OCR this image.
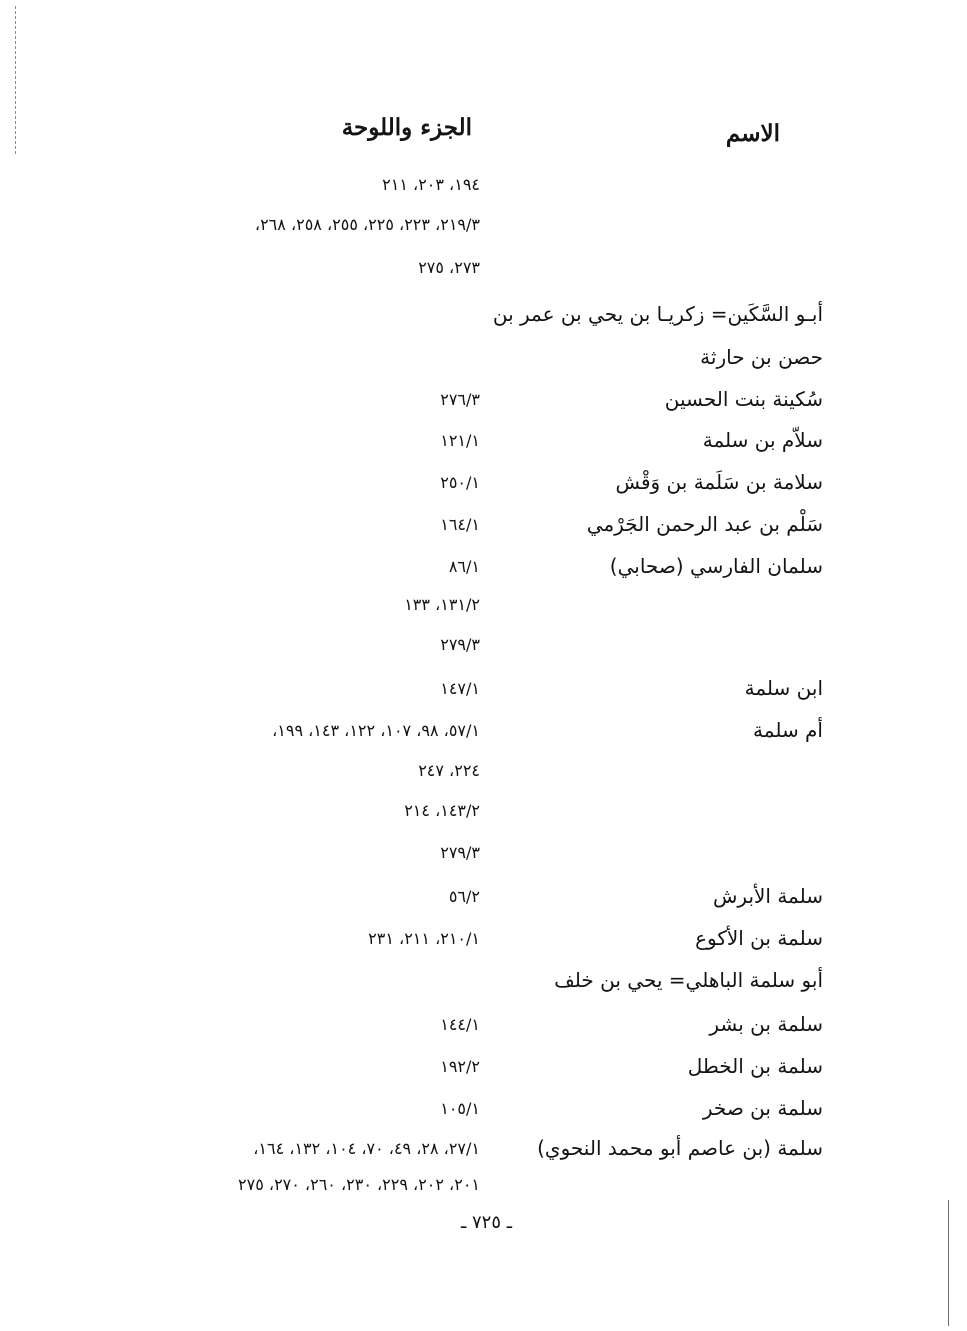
الاسم
الجزء واللوحة
١٩٤، ٢٠٣، ٢١١
٢١٩/٣، ٢٢٣، ٢٢٥، ٢٥٥، ٢٥٨، ٢٦٨،
٢٧٣، ٢٧٥
أبـو السَّكَين= زكريـا بن يحي بن عمر بن
حصن بن حارثة
سُكينة بنت الحسين
٢٧٦/٣
سلاّم بن سلمة
١٢١/١
سلامة بن سَلَمة بن وَقْش
٢٥٠/١
سَلْم بن عبد الرحمن الجَرْمي
١٦٤/١
سلمان الفارسي (صحابي)
٨٦/١
١٣١/٢، ١٣٣
٢٧٩/٣
ابن سلمة
١٤٧/١
أم سلمة
٥٧/١، ٩٨، ١٠٧، ١٢٢، ١٤٣، ١٩٩،
٢٢٤، ٢٤٧
١٤٣/٢، ٢١٤
٢٧٩/٣
سلمة الأبرش
٥٦/٢
سلمة بن الأكوع
٢١٠/١، ٢١١، ٢٣١
أبو سلمة الباهلي= يحي بن خلف
سلمة بن بشر
١٤٤/١
سلمة بن الخطل
١٩٢/٢
سلمة بن صخر
١٠٥/١
سلمة (بن عاصم أبو محمد النحوي)
٢٧/١، ٢٨، ٤٩، ٧٠، ١٠٤، ١٣٢، ١٦٤،
٢٠١، ٢٠٢، ٢٢٩، ٢٣٠، ٢٦٠، ٢٧٠، ٢٧٥
ـ ٧٢٥ ـ
